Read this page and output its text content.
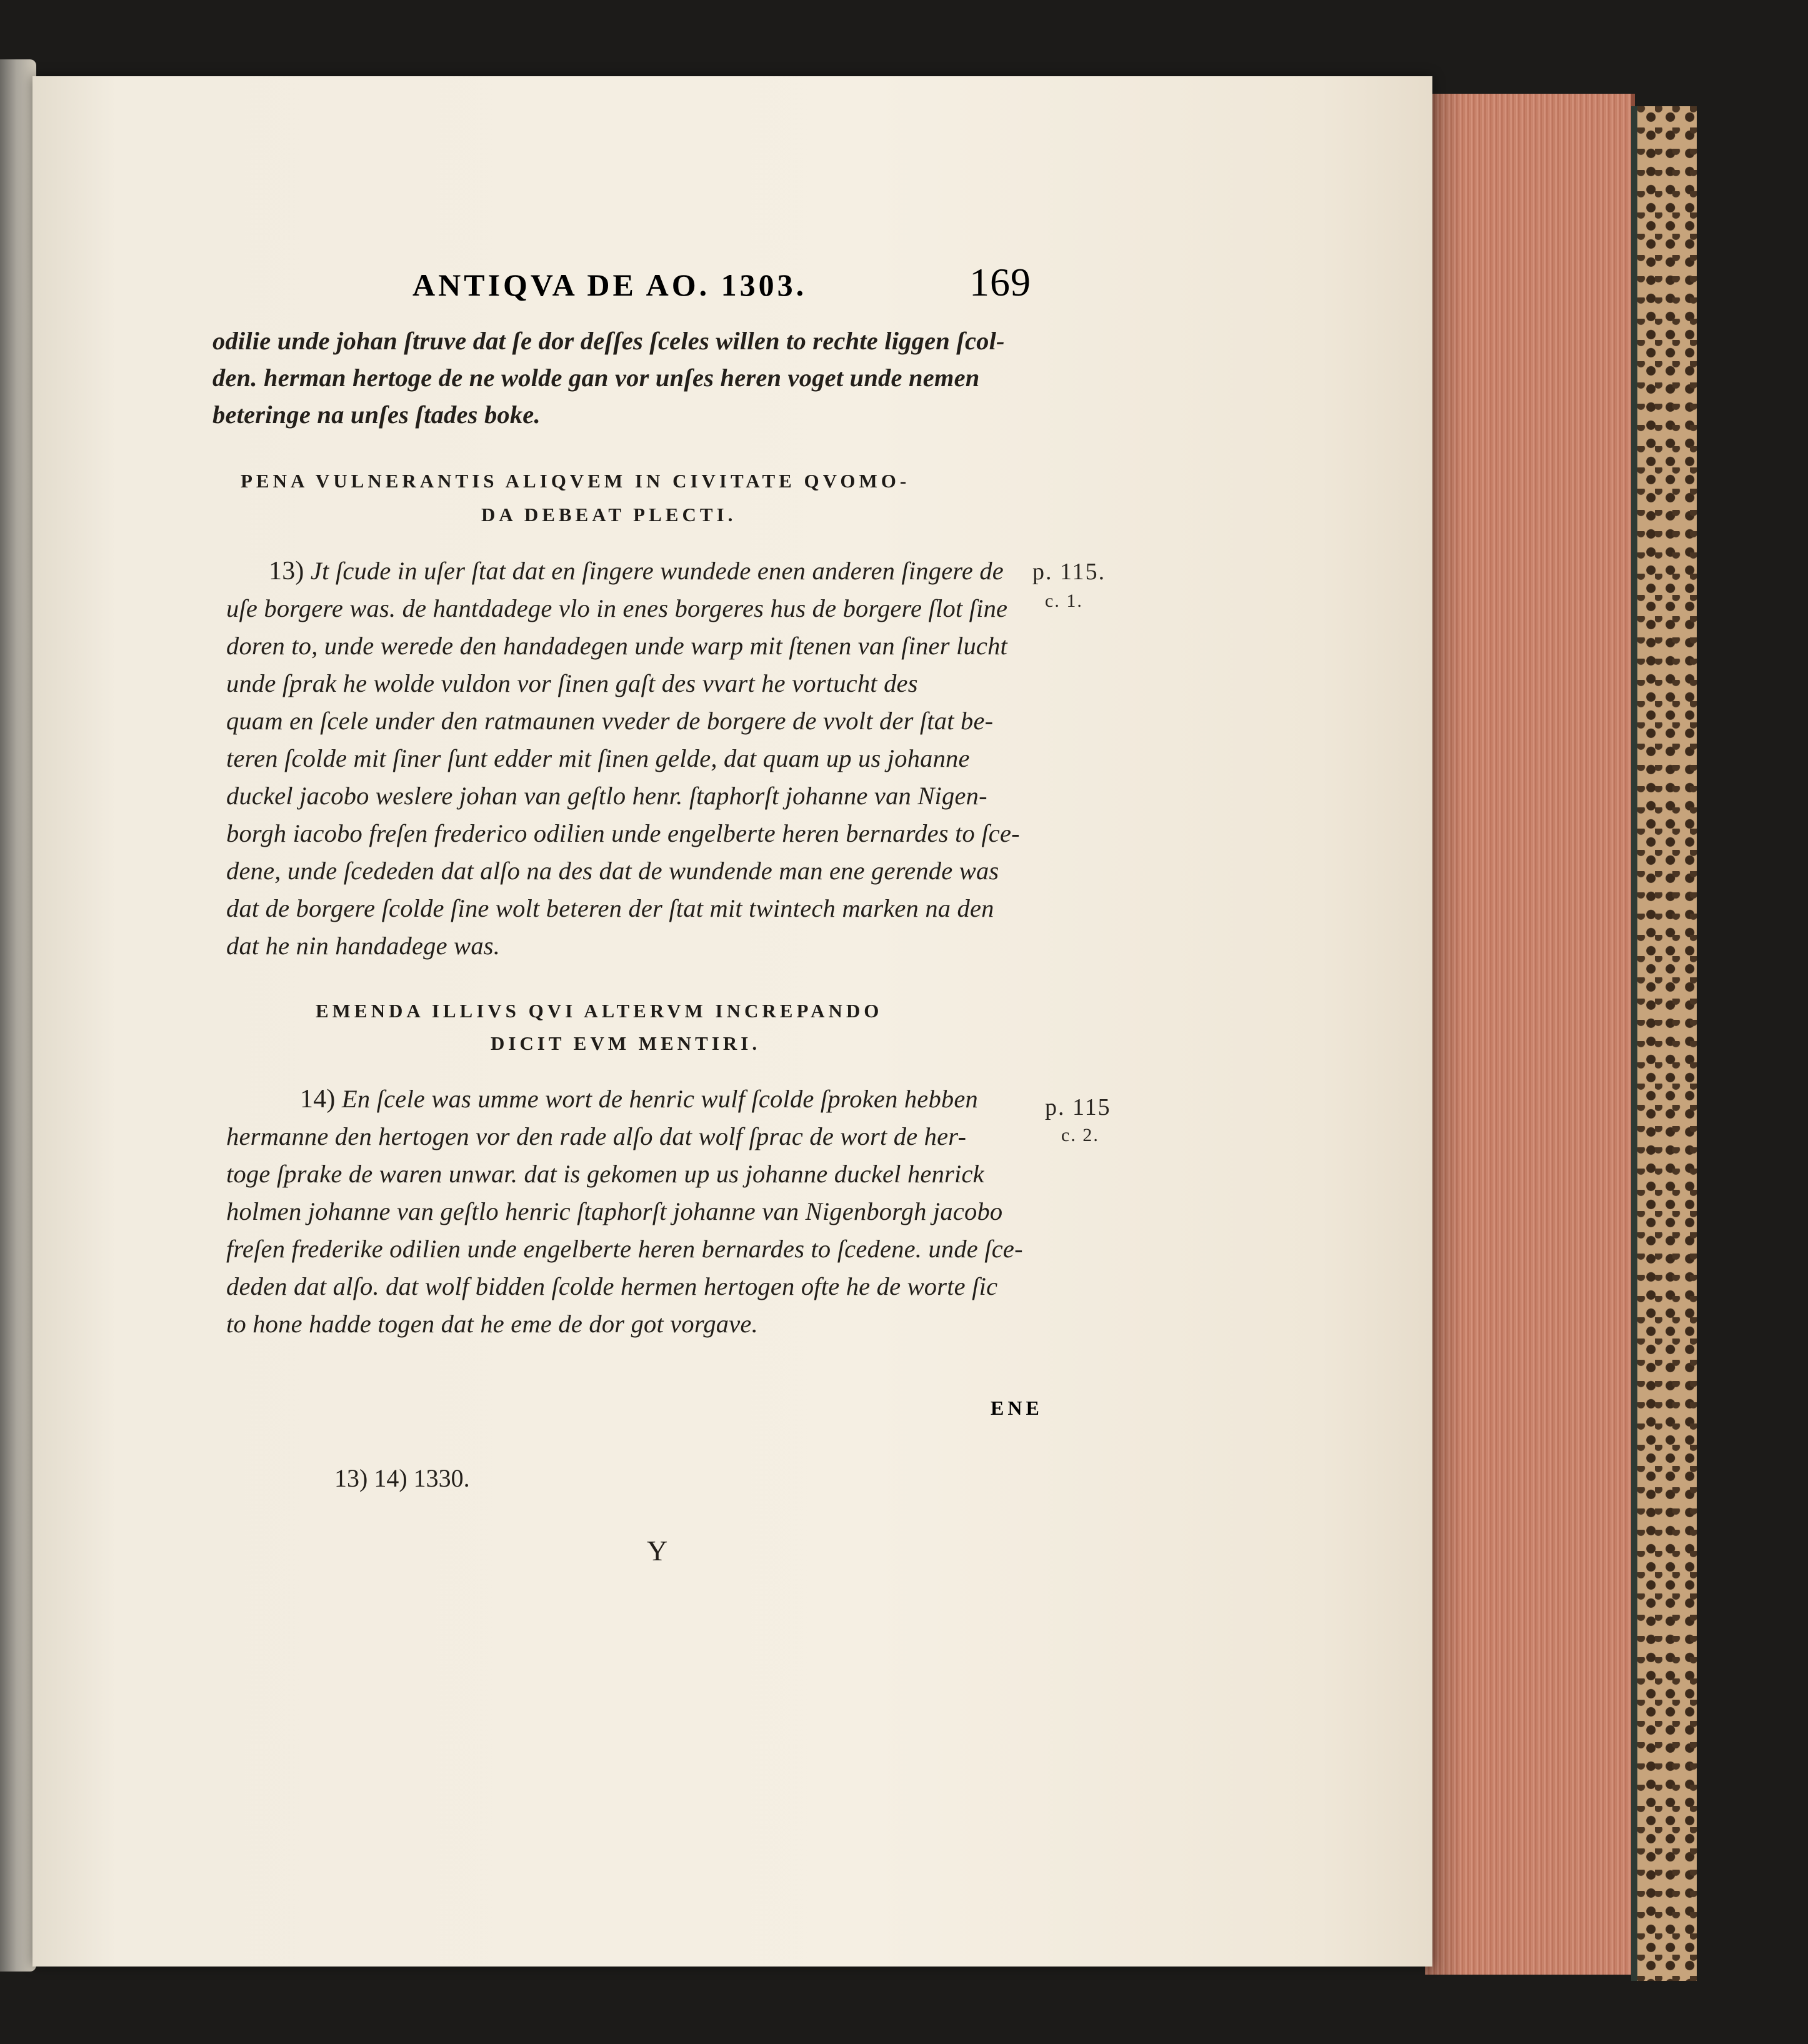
ANTIQVA DE AO. 1303.	169
odilie unde johan ſtruve dat ſe dor deſſes ſceles willen to rechte liggen ſcol-
den. herman hertoge de ne wolde gan vor unſes heren voget unde nemen
beteringe na unſes ſtades boke.
PENA VULNERANTIS ALIQVEM IN CIVITATE QVOMO-
DA DEBEAT PLECTI.
13) Jt ſcude in uſer ſtat dat en ſingere wundede enen anderen ſingere de
uſe borgere was. de hantdadege vlo in enes borgeres hus de borgere ſlot ſine
doren to, unde werede den handadegen unde warp mit ſtenen van ſiner lucht
unde ſprak he wolde vuldon vor ſinen gaſt des vvart he vortucht des
quam en ſcele under den ratmaunen vveder de borgere de vvolt der ſtat be-
teren ſcolde mit ſiner ſunt edder mit ſinen gelde, dat quam up us johanne
duckel jacobo weslere johan van geſtlo henr. ſtaphorſt johanne van Nigen-
borgh iacobo freſen frederico odilien unde engelberte heren bernardes to ſce-
dene, unde ſcededen dat alſo na des dat de wundende man ene gerende was
dat de borgere ſcolde ſine wolt beteren der ſtat mit twintech marken na den
dat he nin handadege was.
p. 115.
c. 1.
EMENDA ILLIVS QVI ALTERVM INCREPANDO
DICIT EVM MENTIRI.
14) En ſcele was umme wort de henric wulf ſcolde ſproken hebben
hermanne den hertogen vor den rade alſo dat wolf ſprac de wort de her-
toge ſprake de waren unwar. dat is gekomen up us johanne duckel henrick
holmen johanne van geſtlo henric ſtaphorſt johanne van Nigenborgh jacobo
freſen frederike odilien unde engelberte heren bernardes to ſcedene. unde ſce-
deden dat alſo. dat wolf bidden ſcolde hermen hertogen ofte he de worte ſic
to hone hadde togen dat he eme de dor got vorgave.
p. 115
c. 2.
ENE
13) 14) 1330.
Y
